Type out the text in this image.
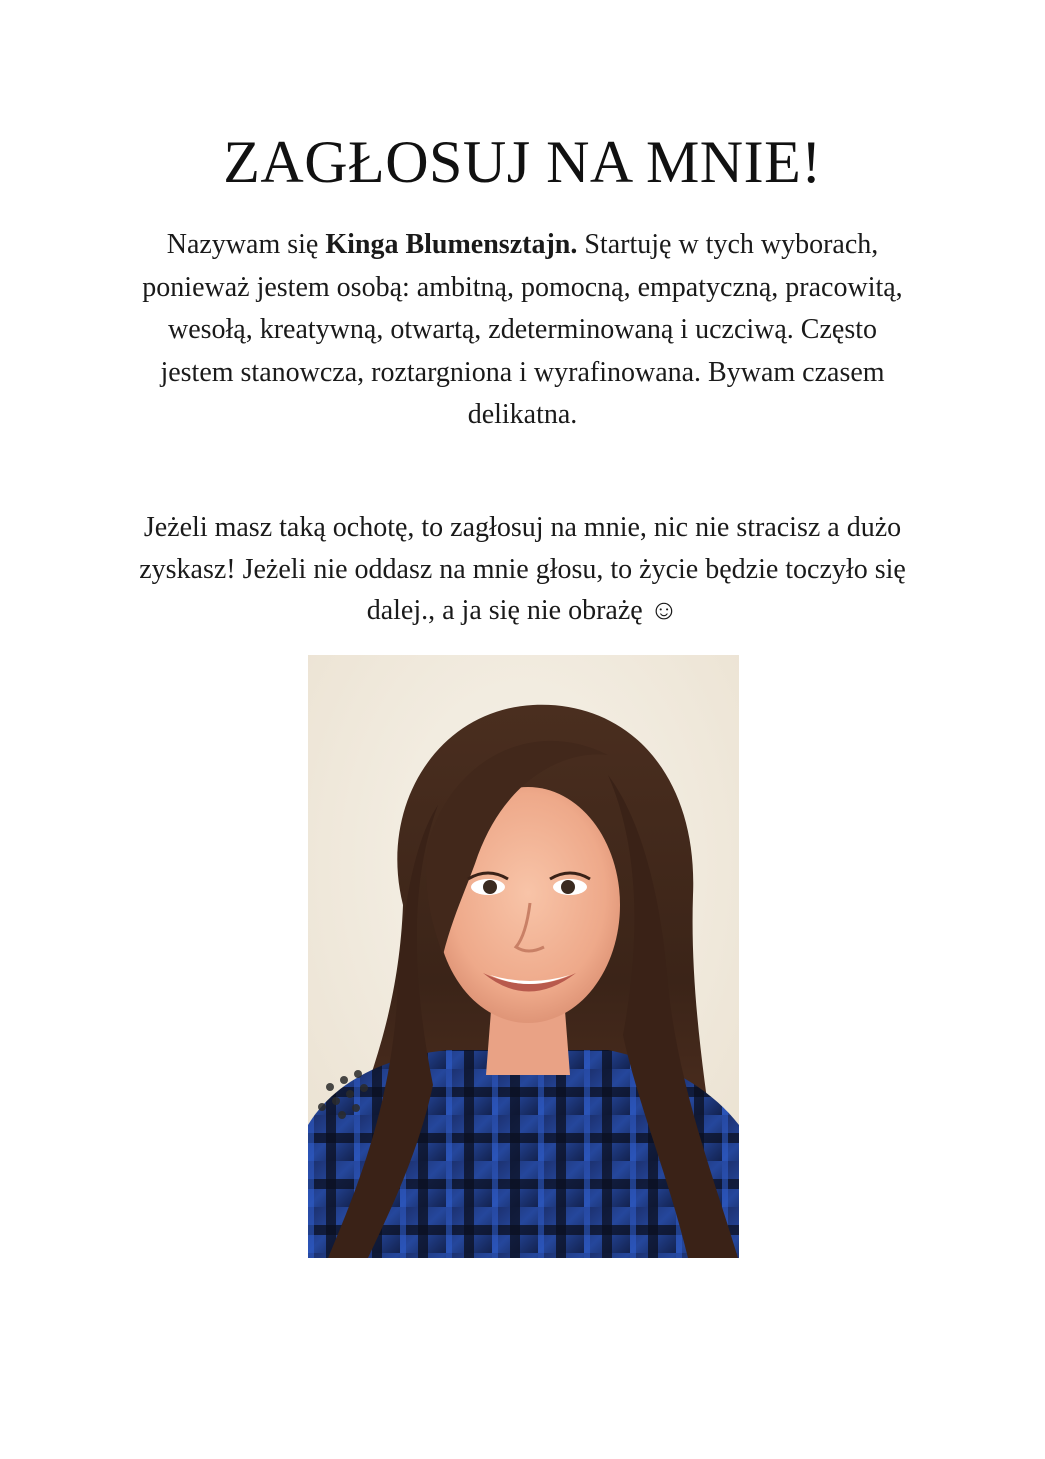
ZAGŁOSUJ NA MNIE!

Nazywam się Kinga Blumensztajn. Startuję w tych wyborach, ponieważ jestem osobą: ambitną, pomocną, empatyczną, pracowitą, wesołą, kreatywną, otwartą, zdeterminowaną i uczciwą. Często jestem stanowcza, roztargniona i wyrafinowana. Bywam czasem delikatna.

Jeżeli masz taką ochotę, to zagłosuj na mnie, nic nie stracisz a dużo zyskasz! Jeżeli nie oddasz na mnie głosu, to życie będzie toczyło się dalej., a ja się nie obrażę ☺
